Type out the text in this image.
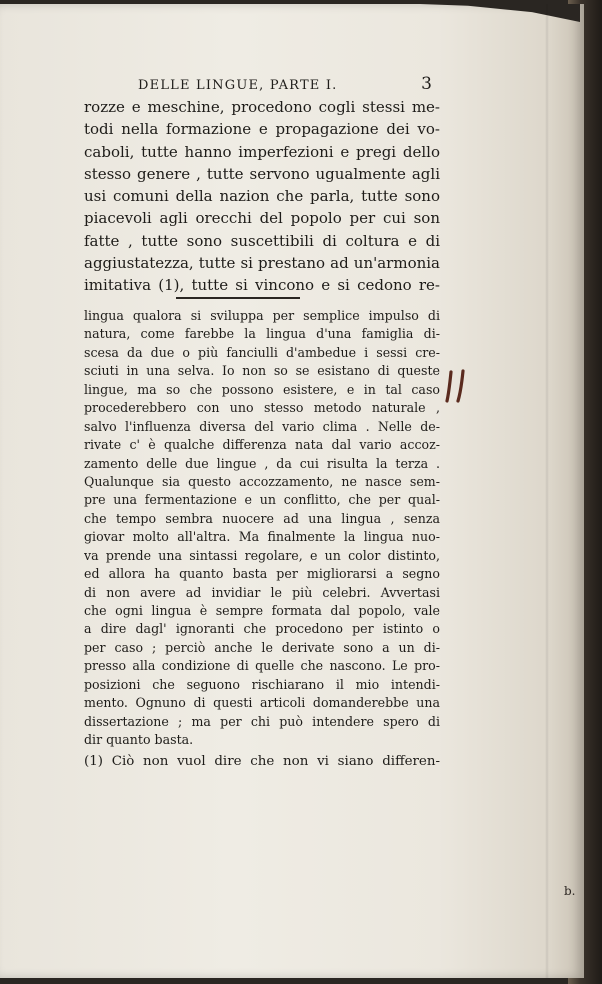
DELLE LINGUE, PARTE I.	3
rozze e meschine, procedono cogli stessi me-
todi nella formazione e propagazione dei vo-
caboli, tutte hanno imperfezioni e pregi dello
stesso genere , tutte servono ugualmente agli
usi comuni della nazion che parla, tutte sono
piacevoli agli orecchi del popolo per cui son
fatte , tutte sono suscettibili di coltura e di
aggiustatezza, tutte si prestano ad un'armonia
imitativa (1), tutte si vincono e si cedono re-
lingua qualora si sviluppa per semplice impulso di
natura, come farebbe la lingua d'una famiglia di-
scesa da due o più fanciulli d'ambedue i sessi cre-
sciuti in una selva. Io non so se esistano di queste
lingue, ma so che possono esistere, e in tal caso
procederebbero con uno stesso metodo naturale ,
salvo l'influenza diversa del vario clima . Nelle de-
rivate c' è qualche differenza nata dal vario accoz-
zamento delle due lingue , da cui risulta la terza .
Qualunque sia questo accozzamento, ne nasce sem-
pre una fermentazione e un conflitto, che per qual-
che tempo sembra nuocere ad una lingua , senza
giovar molto all'altra. Ma finalmente la lingua nuo-
va prende una sintassi regolare, e un color distinto,
ed allora ha quanto basta per migliorarsi a segno
di non avere ad invidiar le più celebri. Avvertasi
che ogni lingua è sempre formata dal popolo, vale
a dire dagl' ignoranti che procedono per istinto o
per caso ; perciò anche le derivate sono a un di-
presso alla condizione di quelle che nascono. Le pro-
posizioni che seguono rischiarano il mio intendi-
mento. Ognuno di questi articoli domanderebbe una
dissertazione ; ma per chi può intendere spero di
dir quanto basta.
(1) Ciò non vuol dire che non vi siano differen-
b.
